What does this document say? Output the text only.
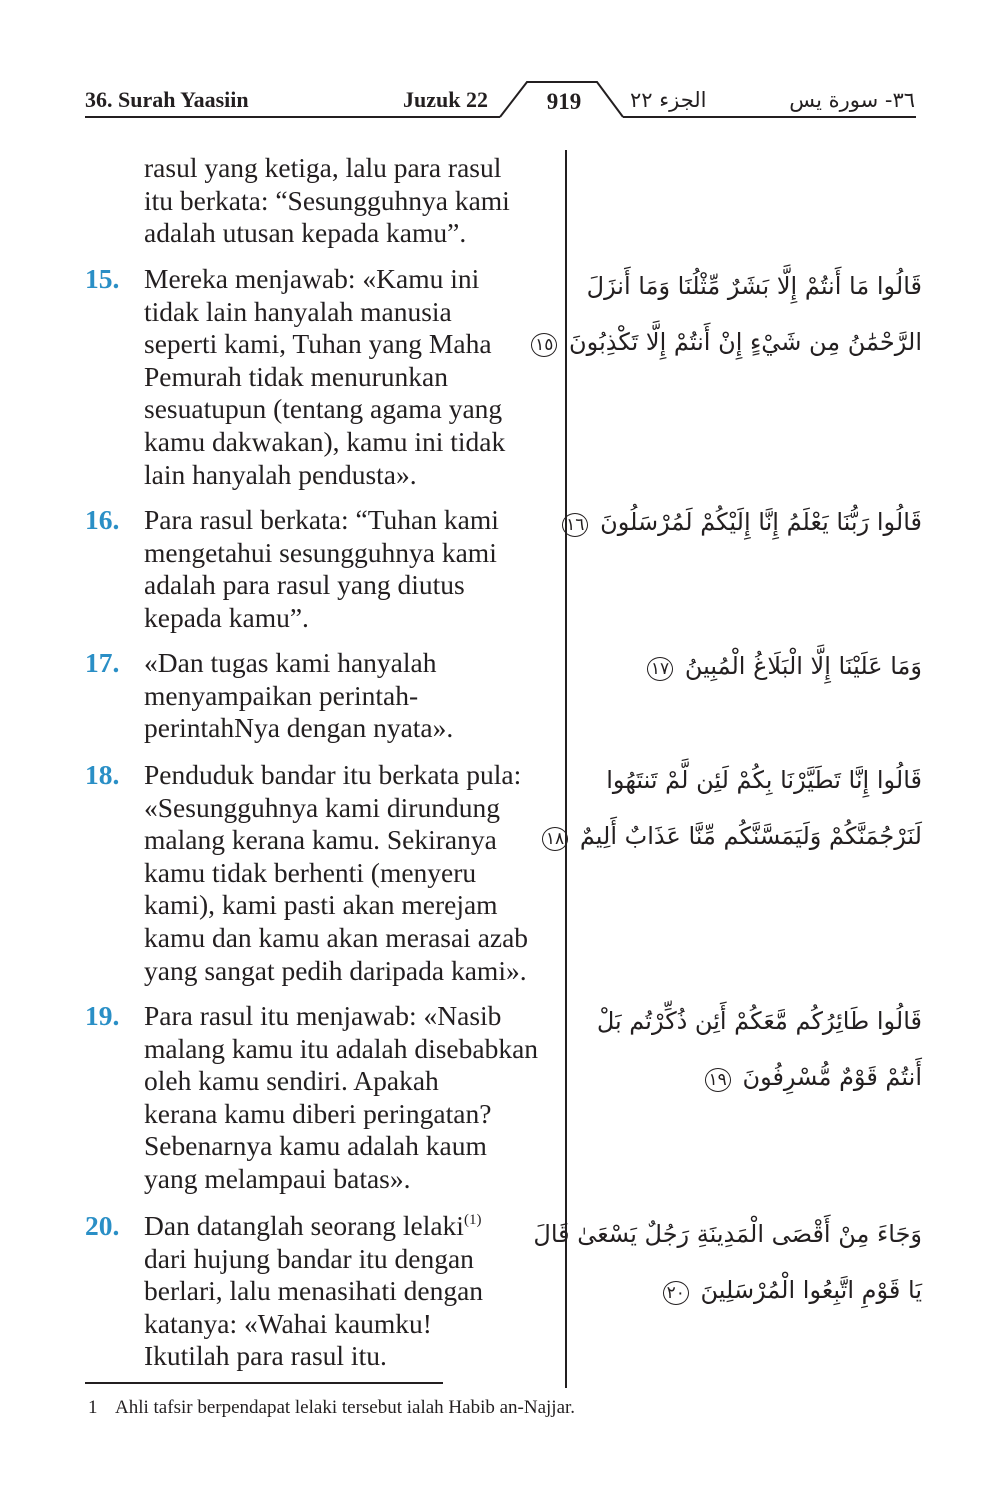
36. Surah Yaasiin	Juzuk 22	919	الجزء ٢٢	٣٦- سورة يس
rasul yang ketiga, lalu para rasul
itu berkata: “Sesungguhnya kami
adalah utusan kepada kamu”.
15. Mereka menjawab: «Kamu ini
tidak lain hanyalah manusia
seperti kami, Tuhan yang Maha
Pemurah tidak menurunkan
sesuatupun (tentang agama yang
kamu dakwakan), kamu ini tidak
lain hanyalah pendusta».
قَالُوا مَا أَنتُمْ إِلَّا بَشَرٌ مِّثْلُنَا وَمَا أَنزَلَ
الرَّحْمَٰنُ مِن شَيْءٍ إِنْ أَنتُمْ إِلَّا تَكْذِبُونَ ١٥
16. Para rasul berkata: “Tuhan kami
mengetahui sesungguhnya kami
adalah para rasul yang diutus
kepada kamu”.
قَالُوا رَبُّنَا يَعْلَمُ إِنَّا إِلَيْكُمْ لَمُرْسَلُونَ ١٦
17. «Dan tugas kami hanyalah
menyampaikan perintah-
perintahNya dengan nyata».
وَمَا عَلَيْنَا إِلَّا الْبَلَاغُ الْمُبِينُ ١٧
18. Penduduk bandar itu berkata pula:
«Sesungguhnya kami dirundung
malang kerana kamu. Sekiranya
kamu tidak berhenti (menyeru
kami), kami pasti akan merejam
kamu dan kamu akan merasai azab
yang sangat pedih daripada kami».
قَالُوا إِنَّا تَطَيَّرْنَا بِكُمْ لَئِن لَّمْ تَنتَهُوا
لَنَرْجُمَنَّكُمْ وَلَيَمَسَّنَّكُم مِّنَّا عَذَابٌ أَلِيمٌ ١٨
19. Para rasul itu menjawab: «Nasib
malang kamu itu adalah disebabkan
oleh kamu sendiri. Apakah
kerana kamu diberi peringatan?
Sebenarnya kamu adalah kaum
yang melampaui batas».
قَالُوا طَائِرُكُم مَّعَكُمْ أَئِن ذُكِّرْتُم بَلْ
أَنتُمْ قَوْمٌ مُّسْرِفُونَ ١٩
20. Dan datanglah seorang lelaki$^{(1)}$
dari hujung bandar itu dengan
berlari, lalu menasihati dengan
katanya: «Wahai kaumku!
Ikutilah para rasul itu.
وَجَاءَ مِنْ أَقْصَى الْمَدِينَةِ رَجُلٌ يَسْعَىٰ قَالَ
يَا قَوْمِ اتَّبِعُوا الْمُرْسَلِينَ ٢٠
1 Ahli tafsir berpendapat lelaki tersebut ialah Habib an-Najjar.
